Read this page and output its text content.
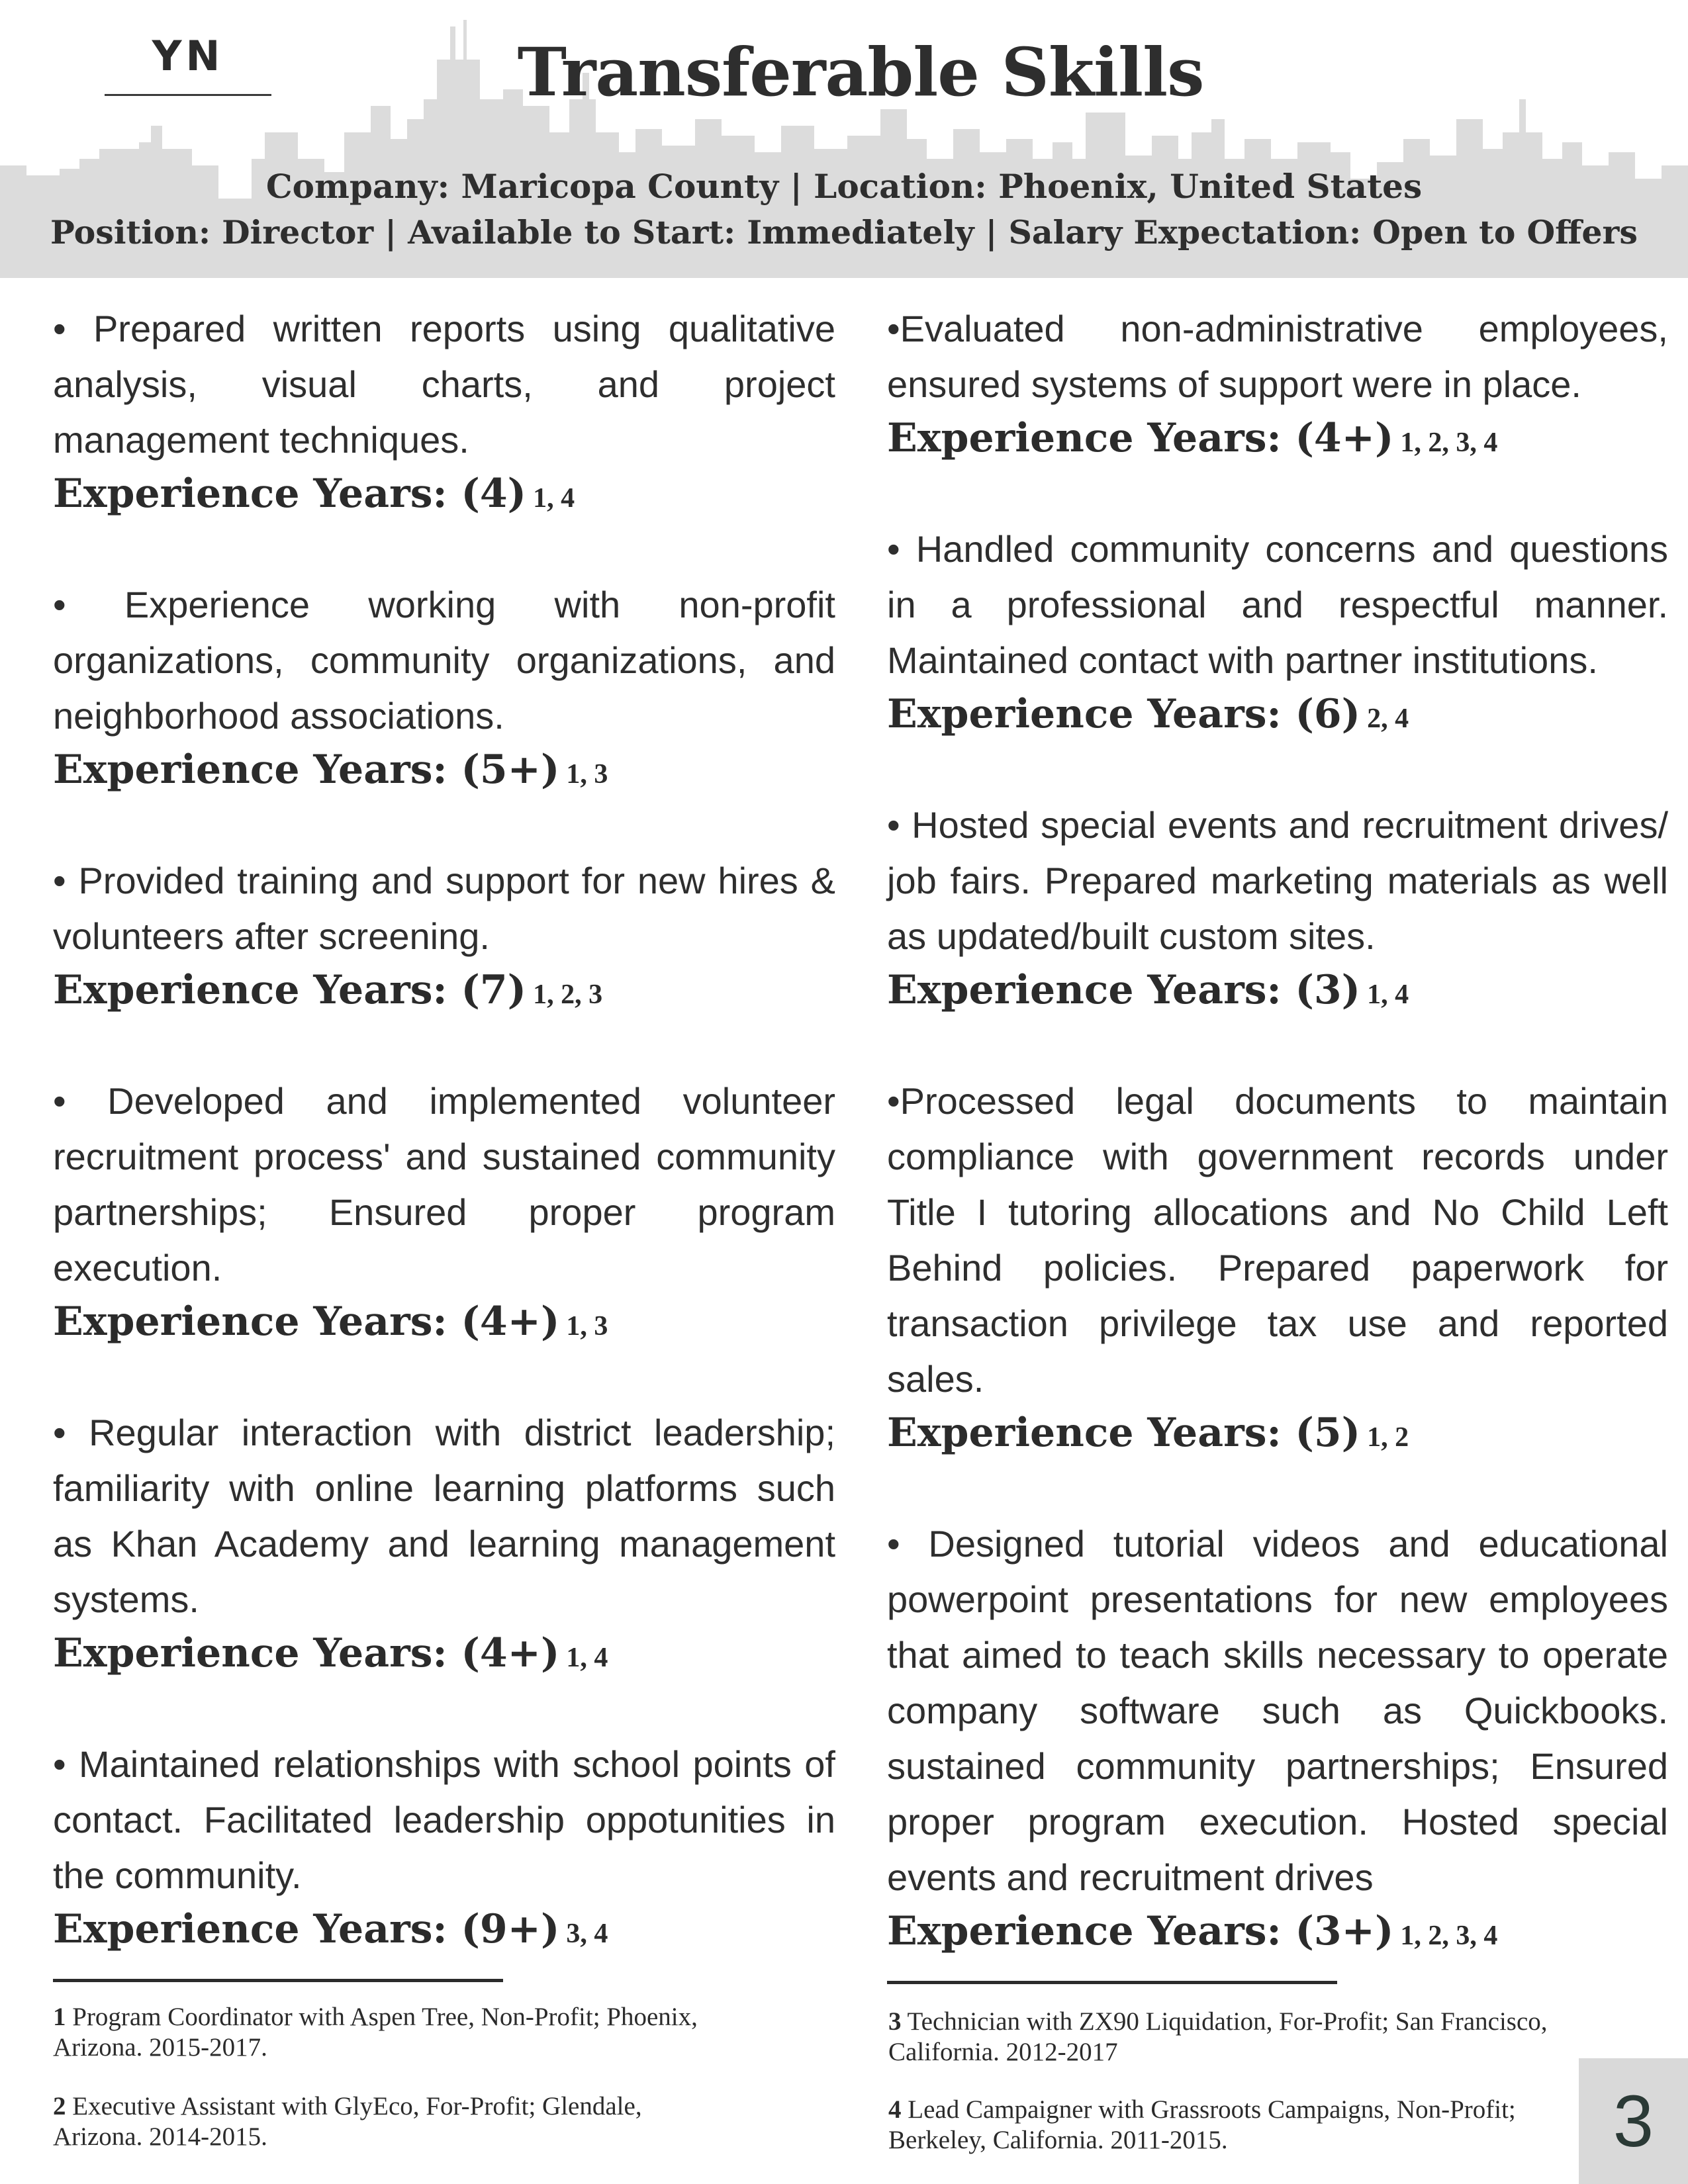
YN	Transferable Skills
Company: Maricopa County | Location: Phoenix, United States
Position: Director | Available to Start: Immediately | Salary Expectation: Open to Offers
• Prepared written reports using qualitative analysis, visual charts, and project management techniques.
Experience Years: (4) 1, 4
• Experience working with non-profit organizations, community organizations, and neighborhood associations.
Experience Years: (5+) 1, 3
• Provided training and support for new hires & volunteers after screening.
Experience Years: (7) 1, 2, 3
• Developed and implemented volunteer recruitment process' and sustained community partnerships; Ensured proper program execution.
Experience Years: (4+) 1, 3
• Regular interaction with district leadership; familiarity with online learning platforms such as Khan Academy and learning management systems.
Experience Years: (4+) 1, 4
• Maintained relationships with school points of contact. Facilitated leadership oppotunities in the community.
Experience Years: (9+) 3, 4
•Evaluated non-administrative employees, ensured systems of support were in place.
Experience Years: (4+) 1, 2, 3, 4
• Handled community concerns and questions in a professional and respectful manner. Maintained contact with partner institutions.
Experience Years: (6) 2, 4
• Hosted special events and recruitment drives/ job fairs. Prepared marketing materials as well as updated/built custom sites.
Experience Years: (3) 1, 4
•Processed legal documents to maintain compliance with government records under Title I tutoring allocations and No Child Left Behind policies. Prepared paperwork for transaction privilege tax use and reported sales.
Experience Years: (5) 1, 2
• Designed tutorial videos and educational powerpoint presentations for new employees that aimed to teach skills necessary to operate company software such as Quickbooks. sustained community partnerships; Ensured proper program execution. Hosted special events and recruitment drives
Experience Years: (3+) 1, 2, 3, 4
1 Program Coordinator with Aspen Tree, Non-Profit; Phoenix, Arizona. 2015-2017.
2 Executive Assistant with GlyEco, For-Profit; Glendale, Arizona. 2014-2015.
3 Technician with ZX90 Liquidation, For-Profit; San Francisco, California. 2012-2017
4 Lead Campaigner with Grassroots Campaigns, Non-Profit; Berkeley, California. 2011-2015.	3
